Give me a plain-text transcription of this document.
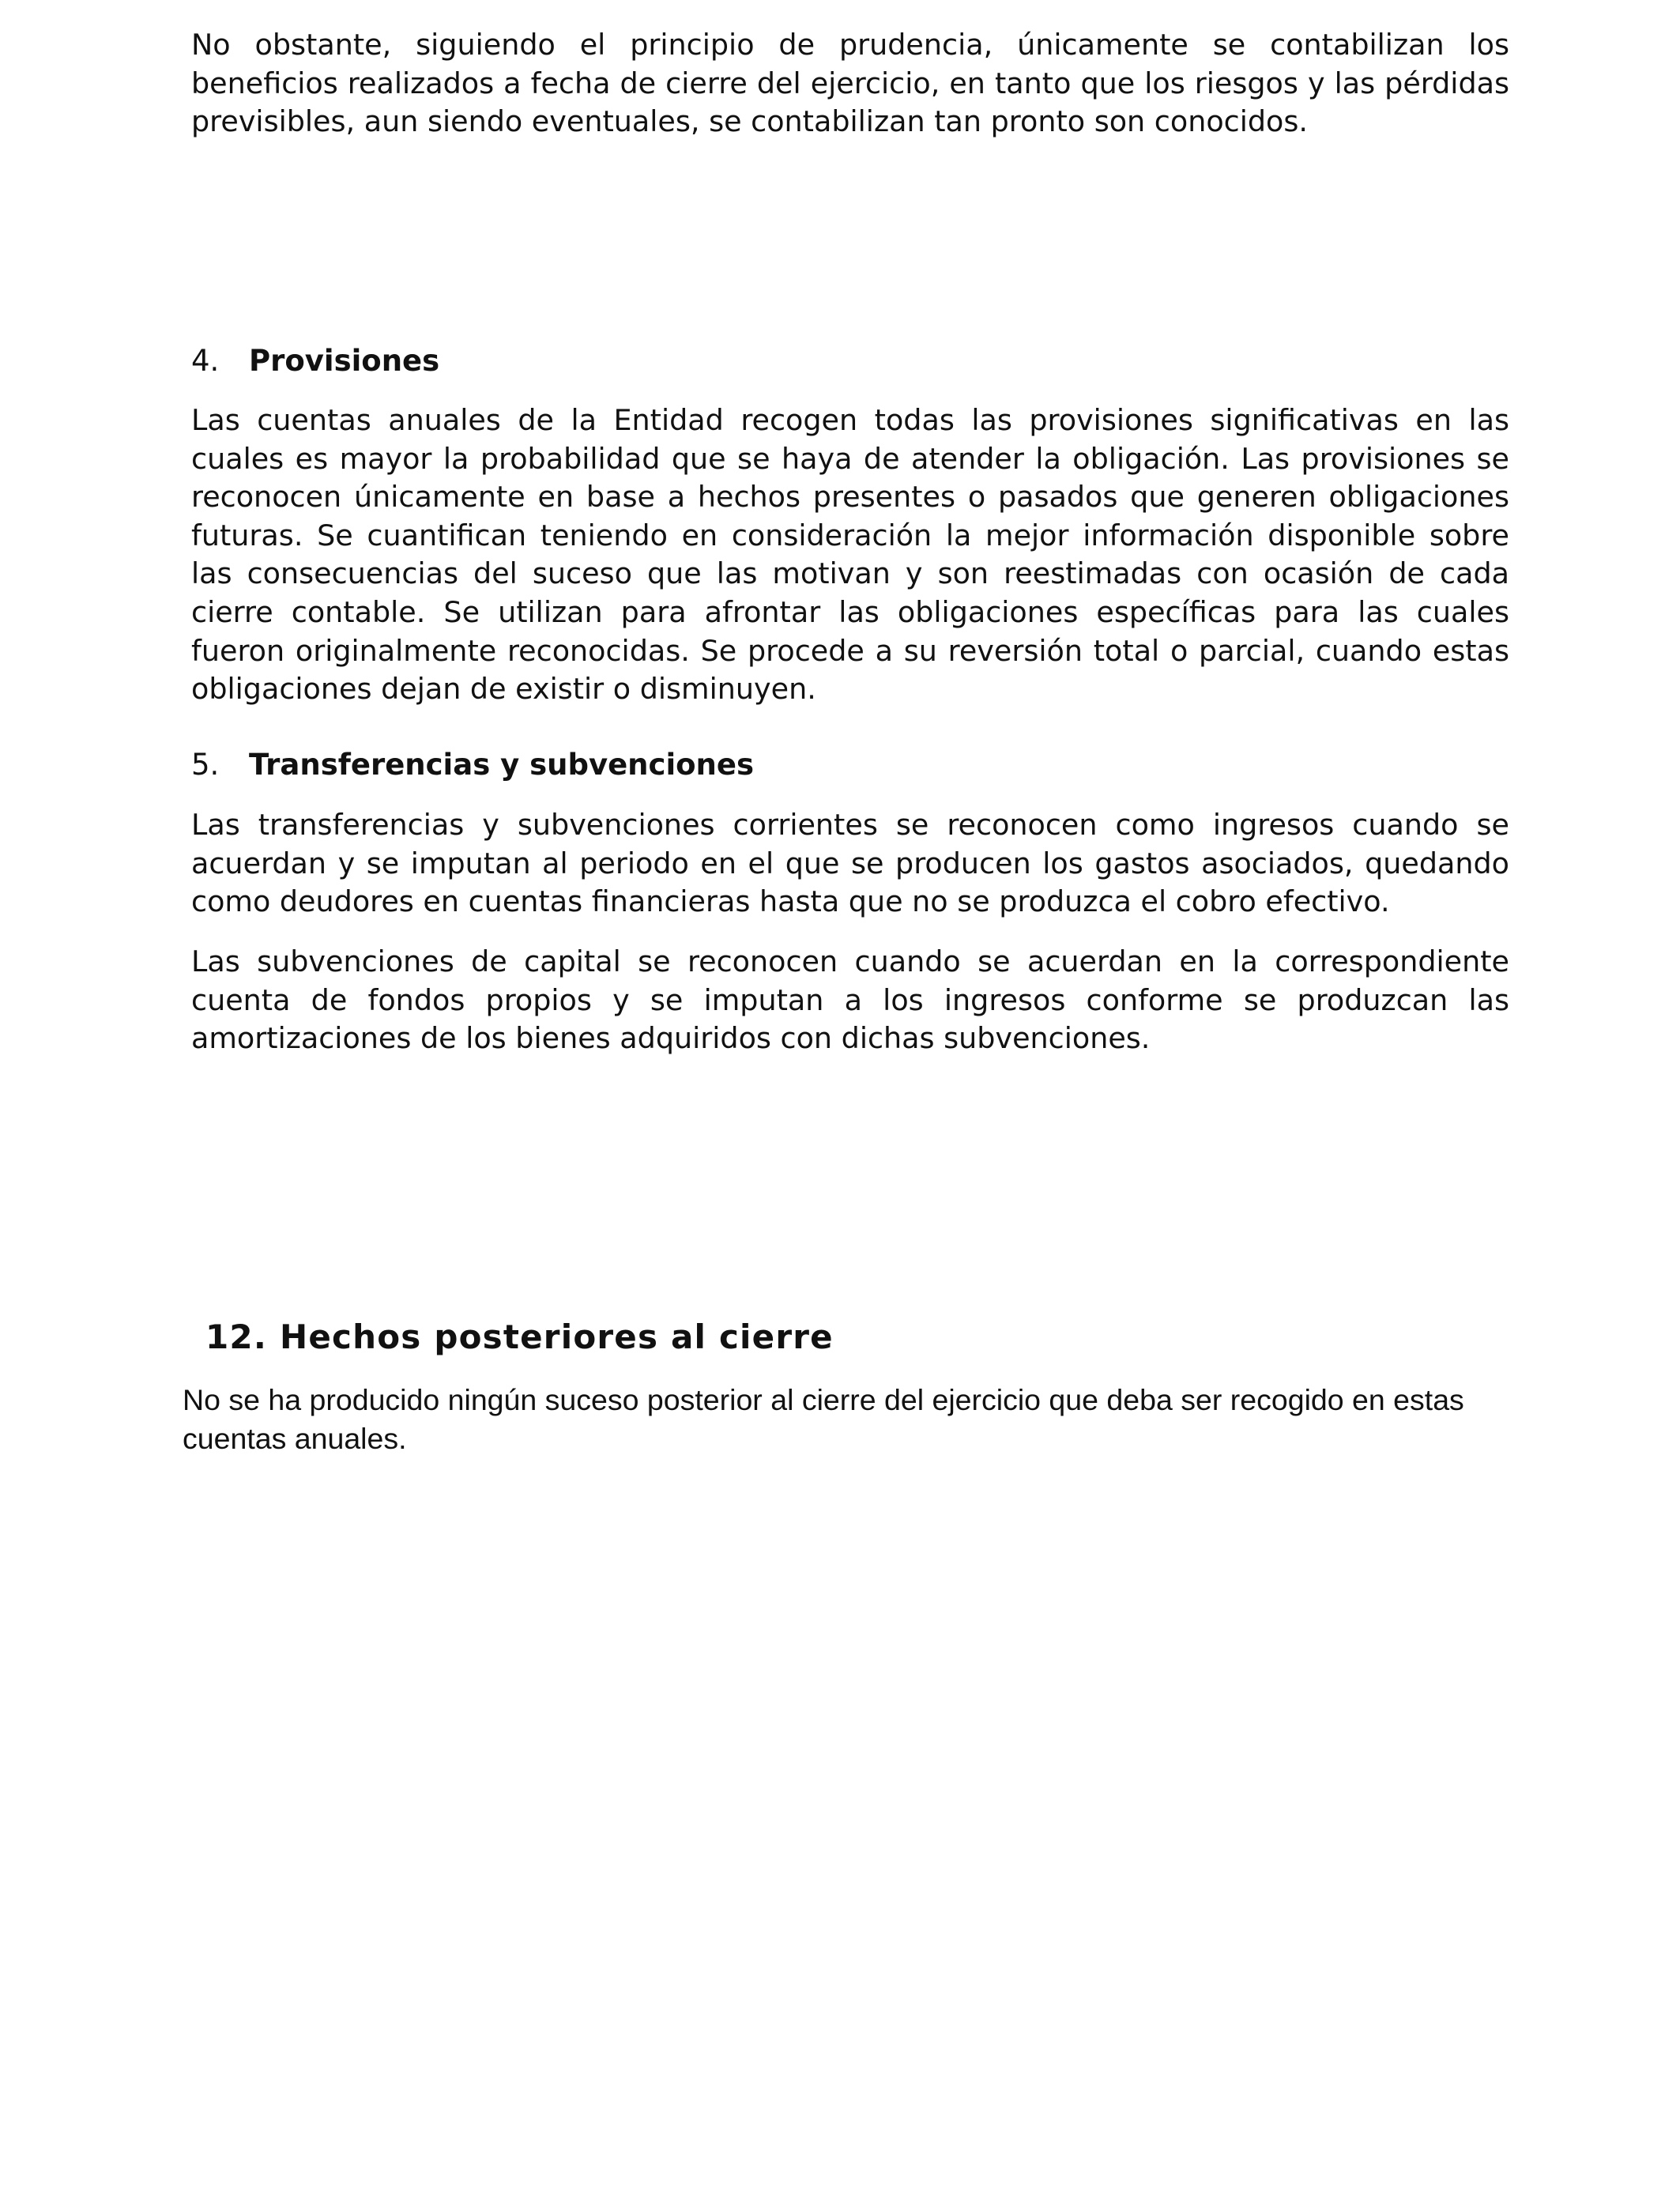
No obstante, siguiendo el principio de prudencia, únicamente se contabilizan los beneficios realizados a fecha de cierre del ejercicio, en tanto que los riesgos y las pérdidas previsibles, aun siendo eventuales, se contabilizan tan pronto son conocidos.

4. Provisiones

Las cuentas anuales de la Entidad recogen todas las provisiones significativas en las cuales es mayor la probabilidad que se haya de atender la obligación. Las provisiones se reconocen únicamente en base a hechos presentes o pasados que generen obligaciones futuras. Se cuantifican teniendo en consideración la mejor información disponible sobre las consecuencias del suceso que las motivan y son reestimadas con ocasión de cada cierre contable. Se utilizan para afrontar las obligaciones específicas para las cuales fueron originalmente reconocidas. Se procede a su reversión total o parcial, cuando estas obligaciones dejan de existir o disminuyen.

5. Transferencias y subvenciones

Las transferencias y subvenciones corrientes se reconocen como ingresos cuando se acuerdan y se imputan al periodo en el que se producen los gastos asociados, quedando como deudores en cuentas financieras hasta que no se produzca el cobro efectivo.

Las subvenciones de capital se reconocen cuando se acuerdan en la correspondiente cuenta de fondos propios y se imputan a los ingresos conforme se produzcan las amortizaciones de los bienes adquiridos con dichas subvenciones.

12. Hechos posteriores al cierre

No se ha producido ningún suceso posterior al cierre del ejercicio que deba ser recogido en estas
cuentas anuales.
